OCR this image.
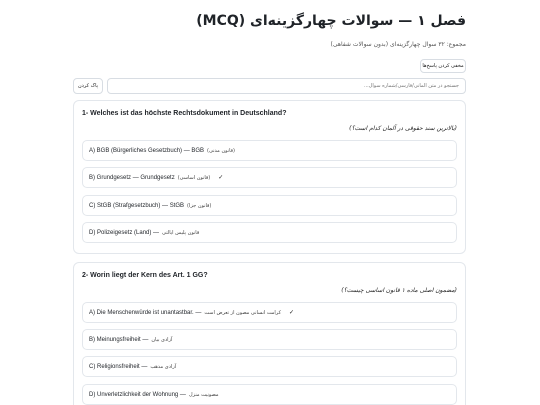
فصل ۱ — سوالات چهارگزینه‌ای (MCQ)
مجموع: ۳۲ سوال چهارگزینه‌ای (بدون سوالات شفاهی)
مخفی کردن پاسخ‌ها
پاک کردن
جستجو در متن آلمانی/فارسی/شماره سوال...
1- Welches ist das höchste Rechtsdokument in Deutschland?
(بالاترین سند حقوقی در آلمان کدام است؟)
A) BGB (Bürgerliches Gesetzbuch) — BGB (قانون مدنی)
B) Grundgesetz — Grundgesetz (قانون اساسی) ✓
C) StGB (Strafgesetzbuch) — StGB (قانون جزا)
D) Polizeigesetz (Land) — قانون پلیس ایالتی
2- Worin liegt der Kern des Art. 1 GG?
(مضمون اصلی ماده ۱ قانون اساسی چیست؟)
A) Die Menschenwürde ist unantastbar. — کرامت انسانی مصون از تعرض است ✓
B) Meinungsfreiheit — آزادی بیان
C) Religionsfreiheit — آزادی مذهب
D) Unverletzlichkeit der Wohnung — مصونیت منزل
